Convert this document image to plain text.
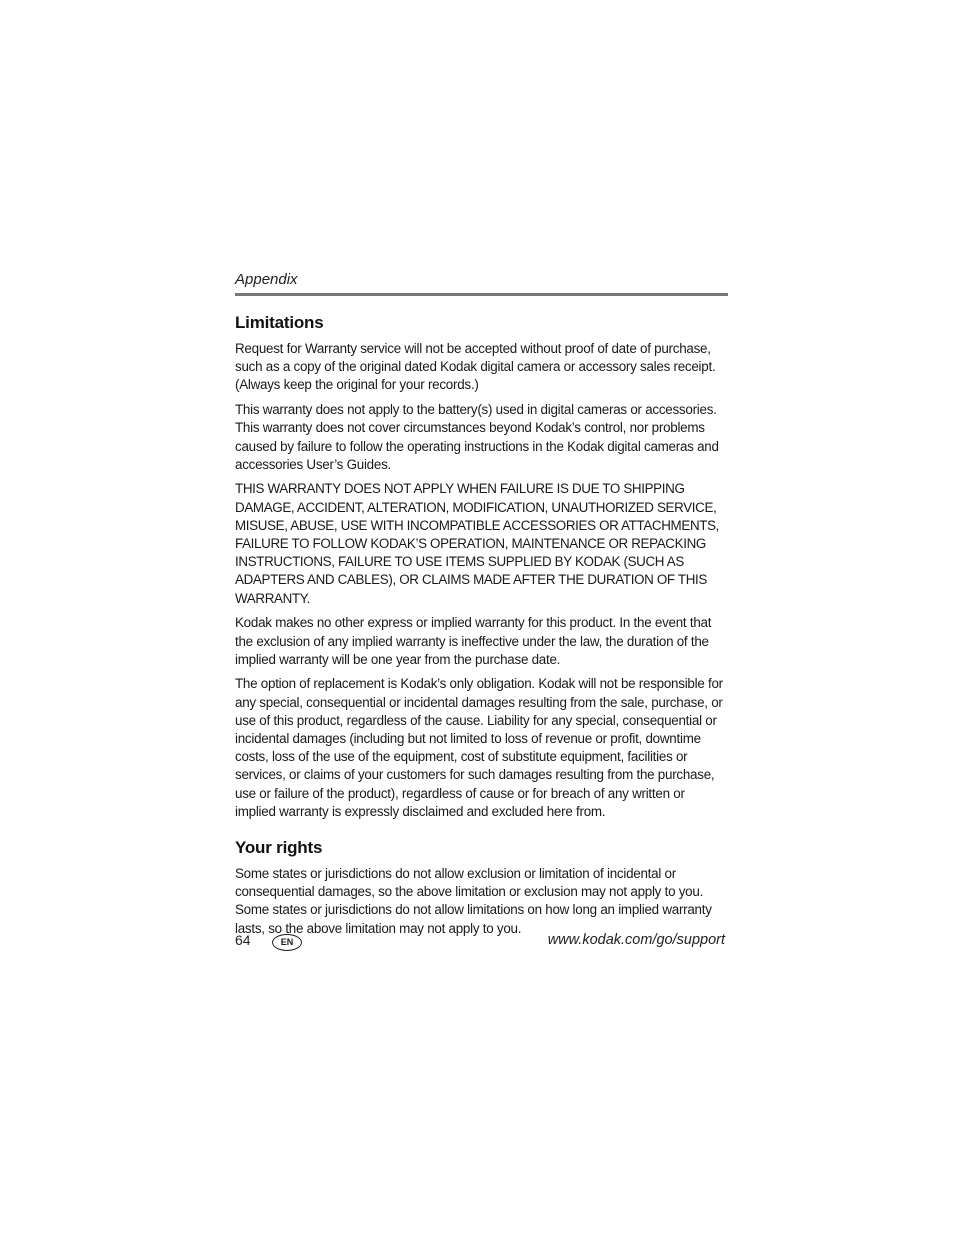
Appendix

Limitations

Request for Warranty service will not be accepted without proof of date of purchase, such as a copy of the original dated Kodak digital camera or accessory sales receipt. (Always keep the original for your records.)

This warranty does not apply to the battery(s) used in digital cameras or accessories. This warranty does not cover circumstances beyond Kodak’s control, nor problems caused by failure to follow the operating instructions in the Kodak digital cameras and accessories User’s Guides.

THIS WARRANTY DOES NOT APPLY WHEN FAILURE IS DUE TO SHIPPING DAMAGE, ACCIDENT, ALTERATION, MODIFICATION, UNAUTHORIZED SERVICE, MISUSE, ABUSE, USE WITH INCOMPATIBLE ACCESSORIES OR ATTACHMENTS, FAILURE TO FOLLOW KODAK’S OPERATION, MAINTENANCE OR REPACKING INSTRUCTIONS, FAILURE TO USE ITEMS SUPPLIED BY KODAK (SUCH AS ADAPTERS AND CABLES), OR CLAIMS MADE AFTER THE DURATION OF THIS WARRANTY.

Kodak makes no other express or implied warranty for this product. In the event that the exclusion of any implied warranty is ineffective under the law, the duration of the implied warranty will be one year from the purchase date.

The option of replacement is Kodak’s only obligation. Kodak will not be responsible for any special, consequential or incidental damages resulting from the sale, purchase, or use of this product, regardless of the cause. Liability for any special, consequential or incidental damages (including but not limited to loss of revenue or profit, downtime costs, loss of the use of the equipment, cost of substitute equipment, facilities or services, or claims of your customers for such damages resulting from the purchase, use or failure of the product), regardless of cause or for breach of any written or implied warranty is expressly disclaimed and excluded here from.

Your rights

Some states or jurisdictions do not allow exclusion or limitation of incidental or consequential damages, so the above limitation or exclusion may not apply to you. Some states or jurisdictions do not allow limitations on how long an implied warranty lasts, so the above limitation may not apply to you.

64	EN	www.kodak.com/go/support
